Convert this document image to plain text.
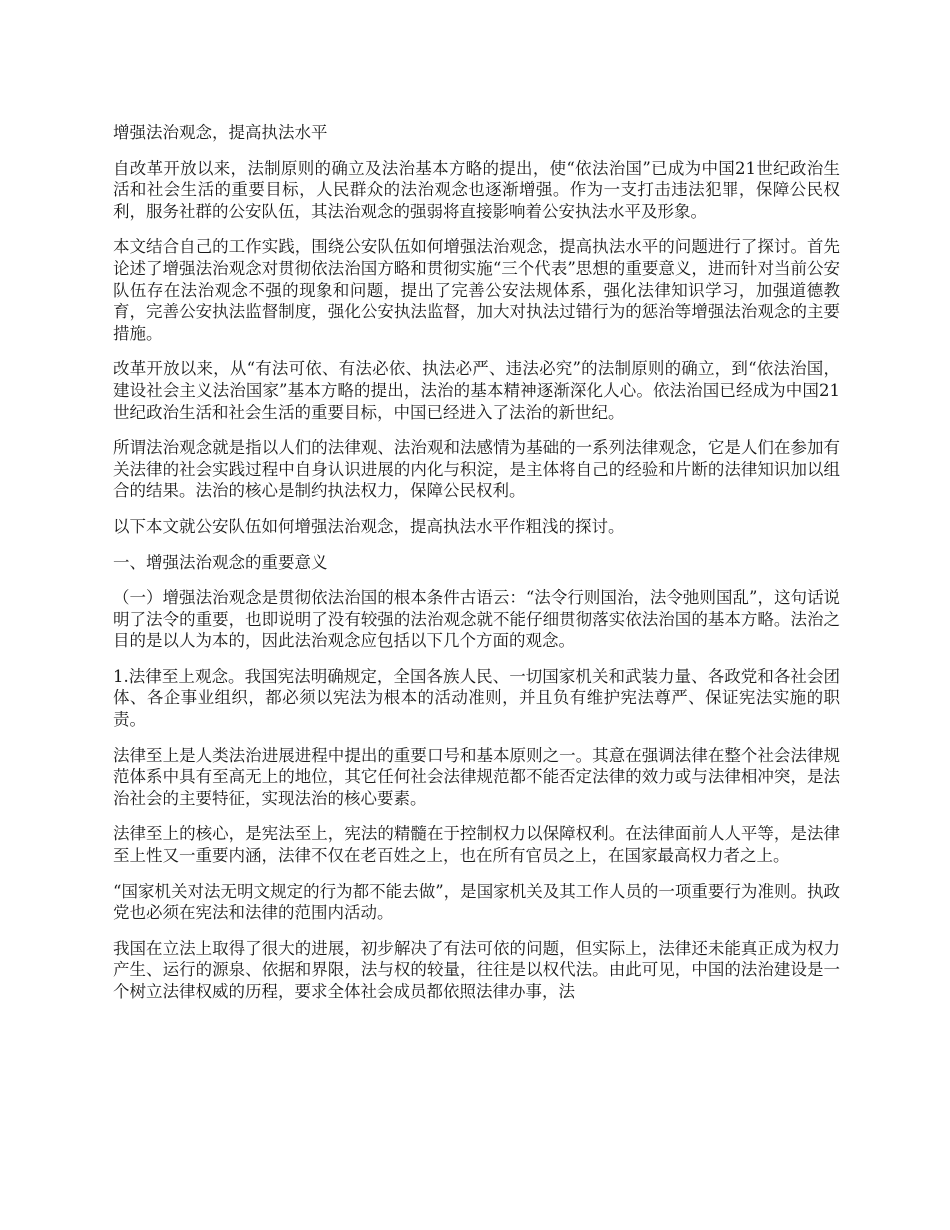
增强法治观念，提高执法水平

自改革开放以来，法制原则的确立及法治基本方略的提出，使“依法治国”已成为中国21世纪政治生活和社会生活的重要目标，人民群众的法治观念也逐渐增强。作为一支打击违法犯罪，保障公民权利，服务社群的公安队伍，其法治观念的强弱将直接影响着公安执法水平及形象。

本文结合自己的工作实践，围绕公安队伍如何增强法治观念，提高执法水平的问题进行了探讨。首先论述了增强法治观念对贯彻依法治国方略和贯彻实施“三个代表”思想的重要意义，进而针对当前公安队伍存在法治观念不强的现象和问题，提出了完善公安法规体系，强化法律知识学习，加强道德教育，完善公安执法监督制度，强化公安执法监督，加大对执法过错行为的惩治等增强法治观念的主要措施。

改革开放以来，从“有法可依、有法必依、执法必严、违法必究”的法制原则的确立，到“依法治国，建设社会主义法治国家”基本方略的提出，法治的基本精神逐渐深化人心。依法治国已经成为中国21世纪政治生活和社会生活的重要目标，中国已经进入了法治的新世纪。

所谓法治观念就是指以人们的法律观、法治观和法感情为基础的一系列法律观念，它是人们在参加有关法律的社会实践过程中自身认识进展的内化与积淀，是主体将自己的经验和片断的法律知识加以组合的结果。法治的核心是制约执法权力，保障公民权利。

以下本文就公安队伍如何增强法治观念，提高执法水平作粗浅的探讨。

一、增强法治观念的重要意义

（一）增强法治观念是贯彻依法治国的根本条件古语云：“法令行则国治，法令弛则国乱”，这句话说明了法令的重要，也即说明了没有较强的法治观念就不能仔细贯彻落实依法治国的基本方略。法治之目的是以人为本的，因此法治观念应包括以下几个方面的观念。

1.法律至上观念。我国宪法明确规定，全国各族人民、一切国家机关和武装力量、各政党和各社会团体、各企事业组织，都必须以宪法为根本的活动准则，并且负有维护宪法尊严、保证宪法实施的职责。

法律至上是人类法治进展进程中提出的重要口号和基本原则之一。其意在强调法律在整个社会法律规范体系中具有至高无上的地位，其它任何社会法律规范都不能否定法律的效力或与法律相冲突，是法治社会的主要特征，实现法治的核心要素。

法律至上的核心，是宪法至上，宪法的精髓在于控制权力以保障权利。在法律面前人人平等，是法律至上性又一重要内涵，法律不仅在老百姓之上，也在所有官员之上，在国家最高权力者之上。

“国家机关对法无明文规定的行为都不能去做”，是国家机关及其工作人员的一项重要行为准则。执政党也必须在宪法和法律的范围内活动。

我国在立法上取得了很大的进展，初步解决了有法可依的问题，但实际上，法律还未能真正成为权力产生、运行的源泉、依据和界限，法与权的较量，往往是以权代法。由此可见，中国的法治建设是一个树立法律权威的历程，要求全体社会成员都依照法律办事，法
